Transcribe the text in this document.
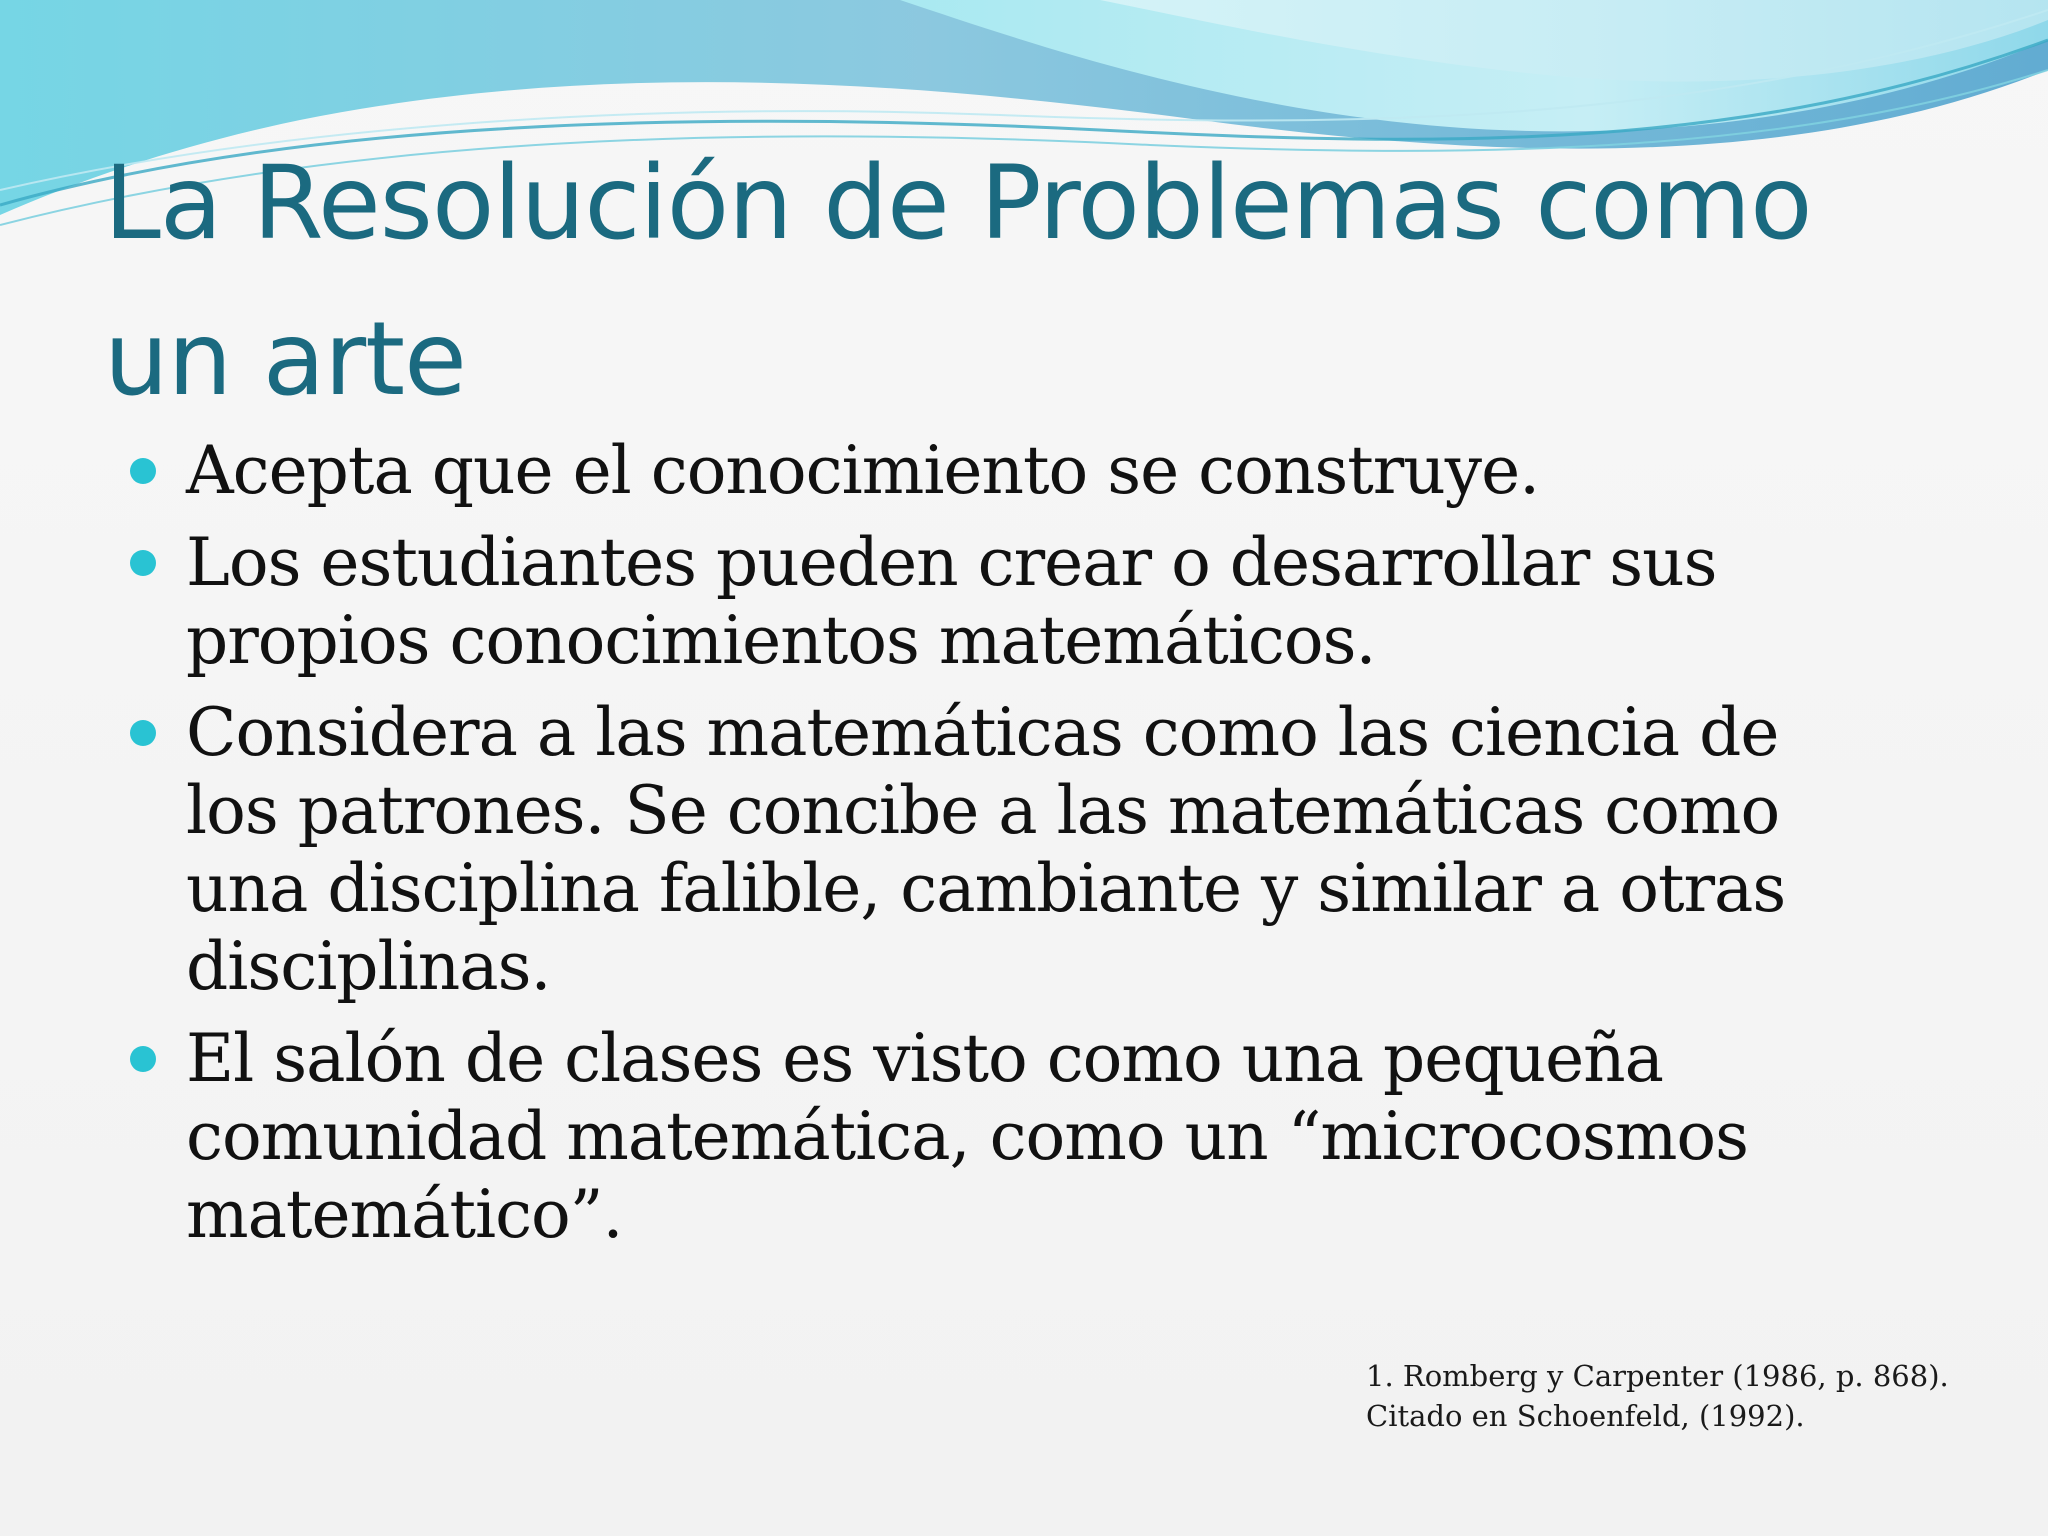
La Resolución de Problemas como
un arte
Acepta que el conocimiento se construye.
Los estudiantes pueden crear o desarrollar sus
propios conocimientos matemáticos.
Considera a las matemáticas como las ciencia de
los patrones. Se concibe a las matemáticas como
una disciplina falible, cambiante y similar a otras
disciplinas.
El salón de clases es visto como una pequeña
comunidad matemática, como un “microcosmos
matemático”.
1. Romberg y Carpenter (1986, p. 868).
Citado en Schoenfeld, (1992).
